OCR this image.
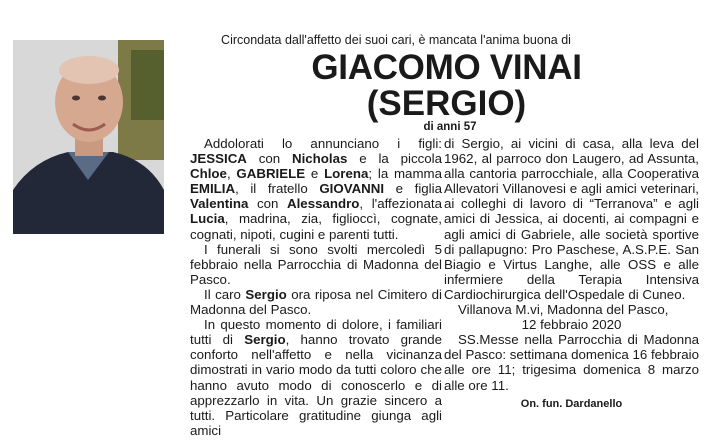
Circondata dall'affetto dei suoi cari, è mancata l'anima buona di
GIACOMO VINAI
(SERGIO)
di anni 57

Addolorati lo annunciano i figli: JESSICA con Nicholas e la piccola Chloe, GABRIELE e Lorena; la mamma EMILIA, il fratello GIOVANNI e figlia Valentina con Alessandro, l'affezionata Lucia, madrina, zia, figlioccì, cognate, cognati, nipoti, cugini e parenti tutti.

I funerali si sono svolti mercoledì 5 febbraio nella Parrocchia di Madonna del Pasco.

Il caro Sergio ora riposa nel Cimitero di Madonna del Pasco.

In questo momento di dolore, i familiari tutti di Sergio, hanno trovato grande conforto nell'affetto e nella vicinanza dimostrati in vario modo da tutti coloro che hanno avuto modo di conoscerlo e di apprezzarlo in vita. Un grazie sincero a tutti. Particolare gratitudine giunga agli amici

di Sergio, ai vicini di casa, alla leva del 1962, al parroco don Laugero, ad Assunta, alla cantoria parrocchiale, alla Cooperativa Allevatori Villanovesi e agli amici veterinari, ai colleghi di lavoro di “Terranova” e agli amici di Jessica, ai docenti, ai compagni e agli amici di Gabriele, alle società sportive di pallapugno: Pro Paschese, A.S.P.E. San Biagio e Virtus Langhe, alle OSS e alle infermiere della Terapia Intensiva Cardiochirurgica dell'Ospedale di Cuneo.

Villanova M.vi, Madonna del Pasco,

12 febbraio 2020

SS.Messe nella Parrocchia di Madonna del Pasco: settimana domenica 16 febbraio alle ore 11; trigesima domenica 8 marzo alle ore 11.

On. fun. Dardanello
